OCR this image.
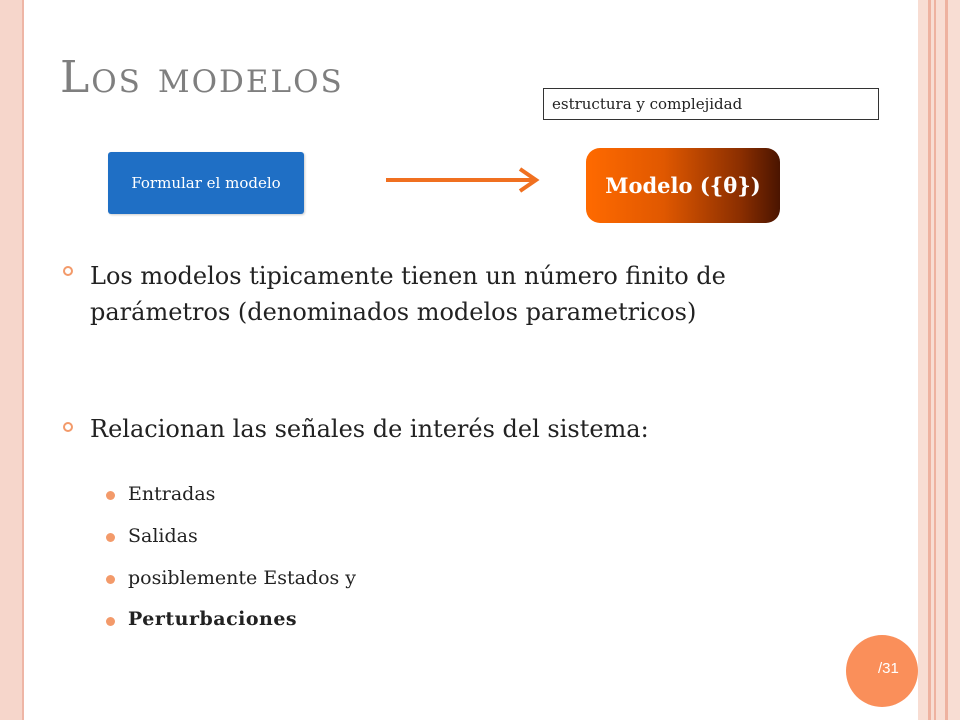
Los modelos
estructura y complejidad
Formular el modelo	Modelo ({θ})
Los modelos tipicamente tienen un número finito de parámetros (denominados modelos parametricos)
Relacionan las señales de interés del sistema:
Entradas
Salidas
posiblemente Estados y
Perturbaciones
/31
